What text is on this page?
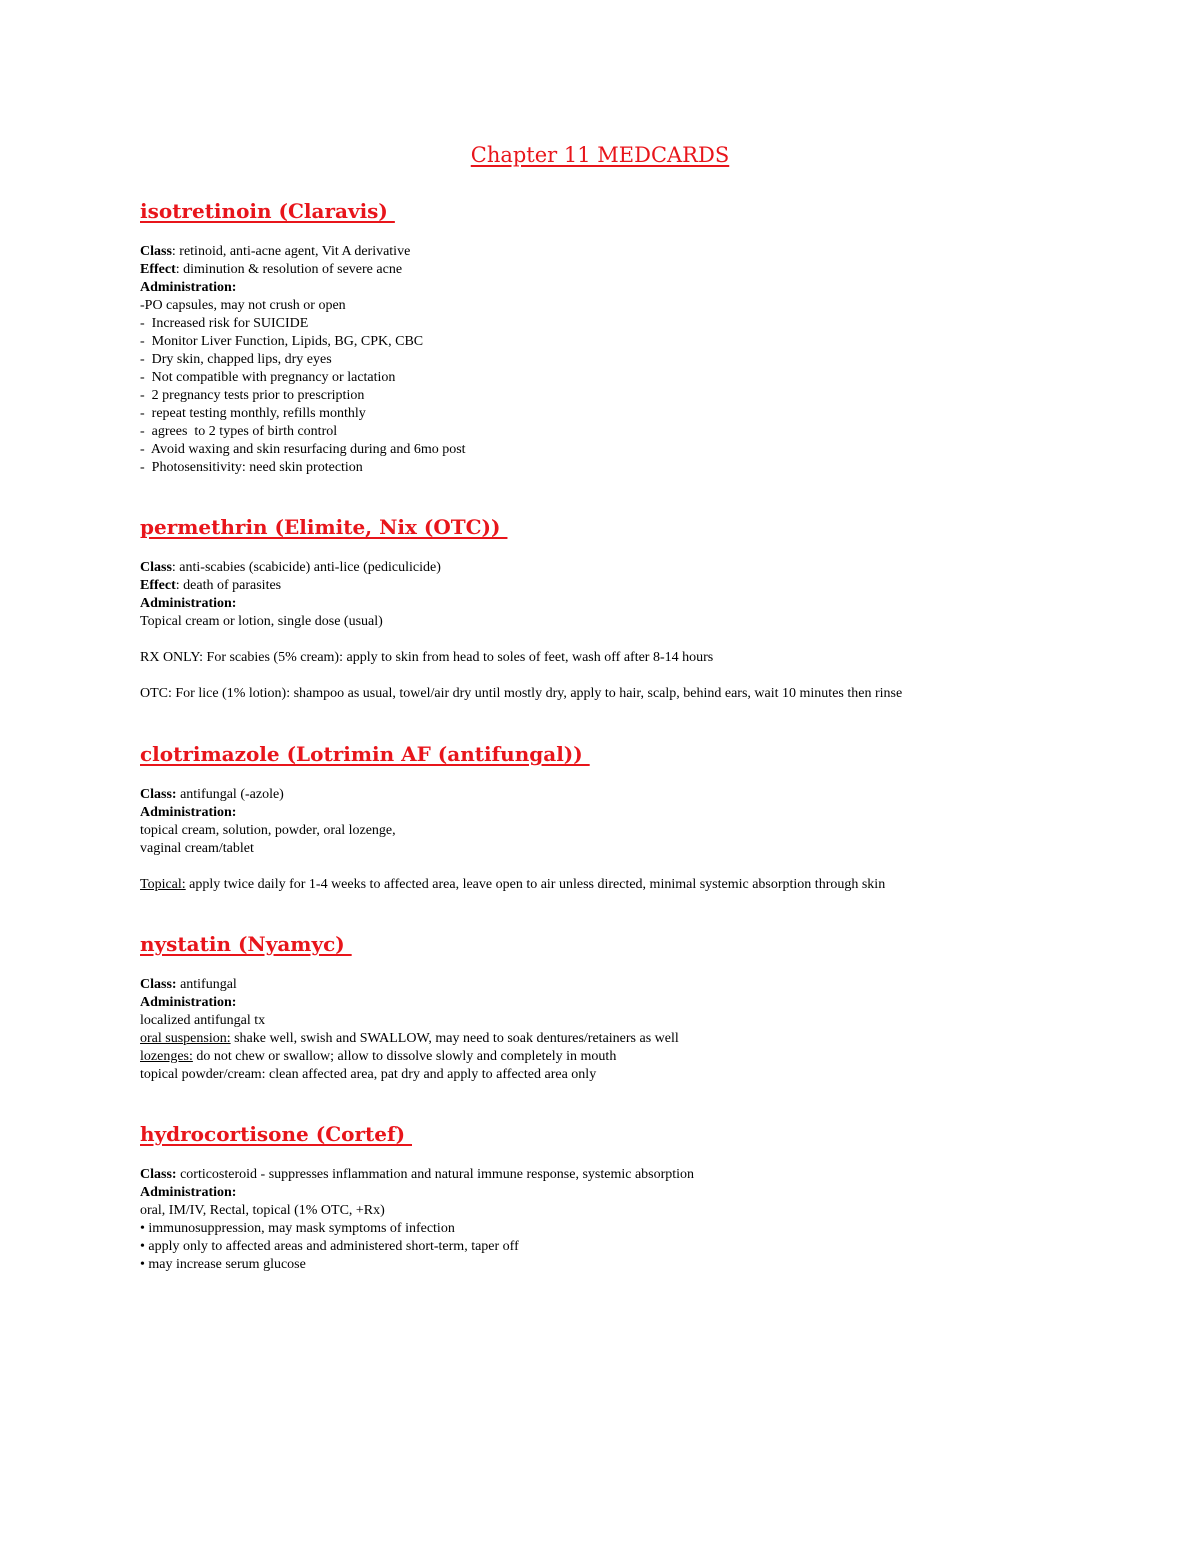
Chapter 11 MEDCARDS
isotretinoin (Claravis)
Class: retinoid, anti-acne agent, Vit A derivative
Effect: diminution & resolution of severe acne
Administration:
-PO capsules, may not crush or open
-  Increased risk for SUICIDE
-  Monitor Liver Function, Lipids, BG, CPK, CBC
-  Dry skin, chapped lips, dry eyes
-  Not compatible with pregnancy or lactation
-  2 pregnancy tests prior to prescription
-  repeat testing monthly, refills monthly
-  agrees  to 2 types of birth control
-  Avoid waxing and skin resurfacing during and 6mo post
-  Photosensitivity: need skin protection
permethrin (Elimite, Nix (OTC))
Class: anti-scabies (scabicide) anti-lice (pediculicide)
Effect: death of parasites
Administration:
Topical cream or lotion, single dose (usual)
RX ONLY: For scabies (5% cream): apply to skin from head to soles of feet, wash off after 8-14 hours
OTC: For lice (1% lotion): shampoo as usual, towel/air dry until mostly dry, apply to hair, scalp, behind ears, wait 10 minutes then rinse
clotrimazole (Lotrimin AF (antifungal))
Class: antifungal (-azole)
Administration:
topical cream, solution, powder, oral lozenge,
vaginal cream/tablet
Topical: apply twice daily for 1-4 weeks to affected area, leave open to air unless directed, minimal systemic absorption through skin
nystatin (Nyamyc)
Class: antifungal
Administration:
localized antifungal tx
oral suspension: shake well, swish and SWALLOW, may need to soak dentures/retainers as well
lozenges: do not chew or swallow; allow to dissolve slowly and completely in mouth
topical powder/cream: clean affected area, pat dry and apply to affected area only
hydrocortisone (Cortef)
Class: corticosteroid - suppresses inflammation and natural immune response, systemic absorption
Administration:
oral, IM/IV, Rectal, topical (1% OTC, +Rx)
• immunosuppression, may mask symptoms of infection
• apply only to affected areas and administered short-term, taper off
• may increase serum glucose
